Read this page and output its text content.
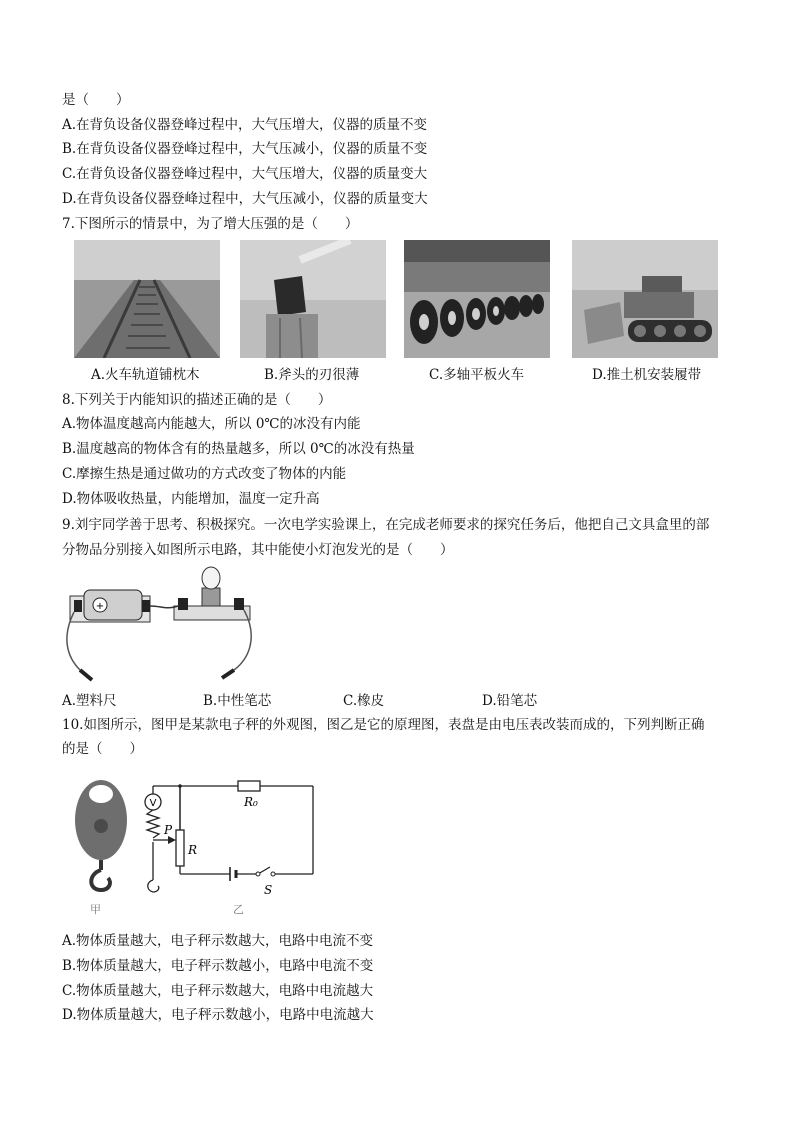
是（　　）
A.在背负设备仪器登峰过程中，大气压增大，仪器的质量不变
B.在背负设备仪器登峰过程中，大气压减小，仪器的质量不变
C.在背负设备仪器登峰过程中，大气压增大，仪器的质量变大
D.在背负设备仪器登峰过程中，大气压减小，仪器的质量变大
7.下图所示的情景中，为了增大压强的是（　　）
A.火车轨道铺枕木	B.斧头的刃很薄	C.多轴平板火车	D.推土机安装履带
8.下列关于内能知识的描述正确的是（　　）
A.物体温度越高内能越大，所以 0℃的冰没有内能
B.温度越高的物体含有的热量越多，所以 0℃的冰没有热量
C.摩擦生热是通过做功的方式改变了物体的内能
D.物体吸收热量，内能增加，温度一定升高
9.刘宇同学善于思考、积极探究。一次电学实验课上，在完成老师要求的探究任务后，他把自己文具盒里的部
分物品分别接入如图所示电路，其中能使小灯泡发光的是（　　）
+
A.塑料尺	B.中性笔芯	C.橡皮	D.铅笔芯
10.如图所示，图甲是某款电子秤的外观图，图乙是它的原理图，表盘是由电压表改装而成的，下列判断正确
的是（　　）
V	R₀
R
P
S
甲	乙
A.物体质量越大，电子秤示数越大，电路中电流不变
B.物体质量越大，电子秤示数越小，电路中电流不变
C.物体质量越大，电子秤示数越大，电路中电流越大
D.物体质量越大，电子秤示数越小，电路中电流越大
